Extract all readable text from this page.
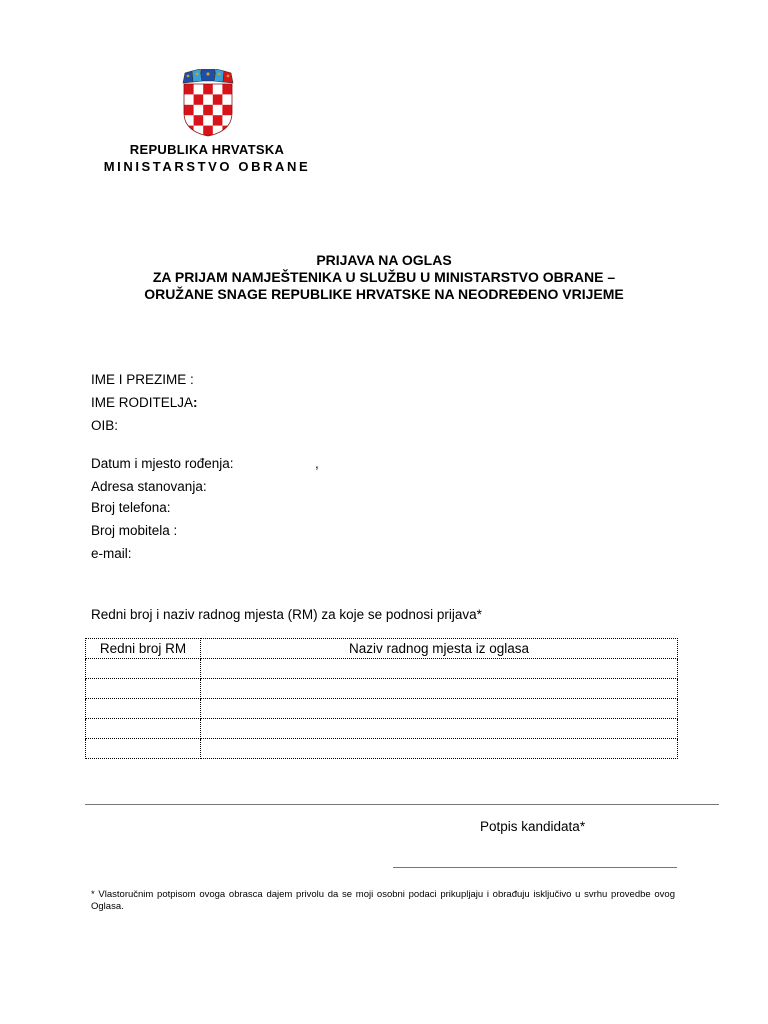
REPUBLIKA HRVATSKA
MINISTARSTVO OBRANE
PRIJAVA NA OGLAS
ZA PRIJAM NAMJEŠTENIKA U SLUŽBU U MINISTARSTVO OBRANE –
ORUŽANE SNAGE REPUBLIKE HRVATSKE NA NEODREĐENO VRIJEME
IME I PREZIME :
IME RODITELJA:
OIB:
Datum i mjesto rođenja:	,
Adresa stanovanja:
Broj telefona:
Broj mobitela :
e-mail:
Redni broj i naziv radnog mjesta (RM) za koje se podnosi prijava*
Redni broj RM	Naziv radnog mjesta iz oglasa

Potpis kandidata*
* Vlastoručnim potpisom ovoga obrasca dajem privolu da se moji osobni podaci prikupljaju i obrađuju isključivo u svrhu provedbe ovog Oglasa.
